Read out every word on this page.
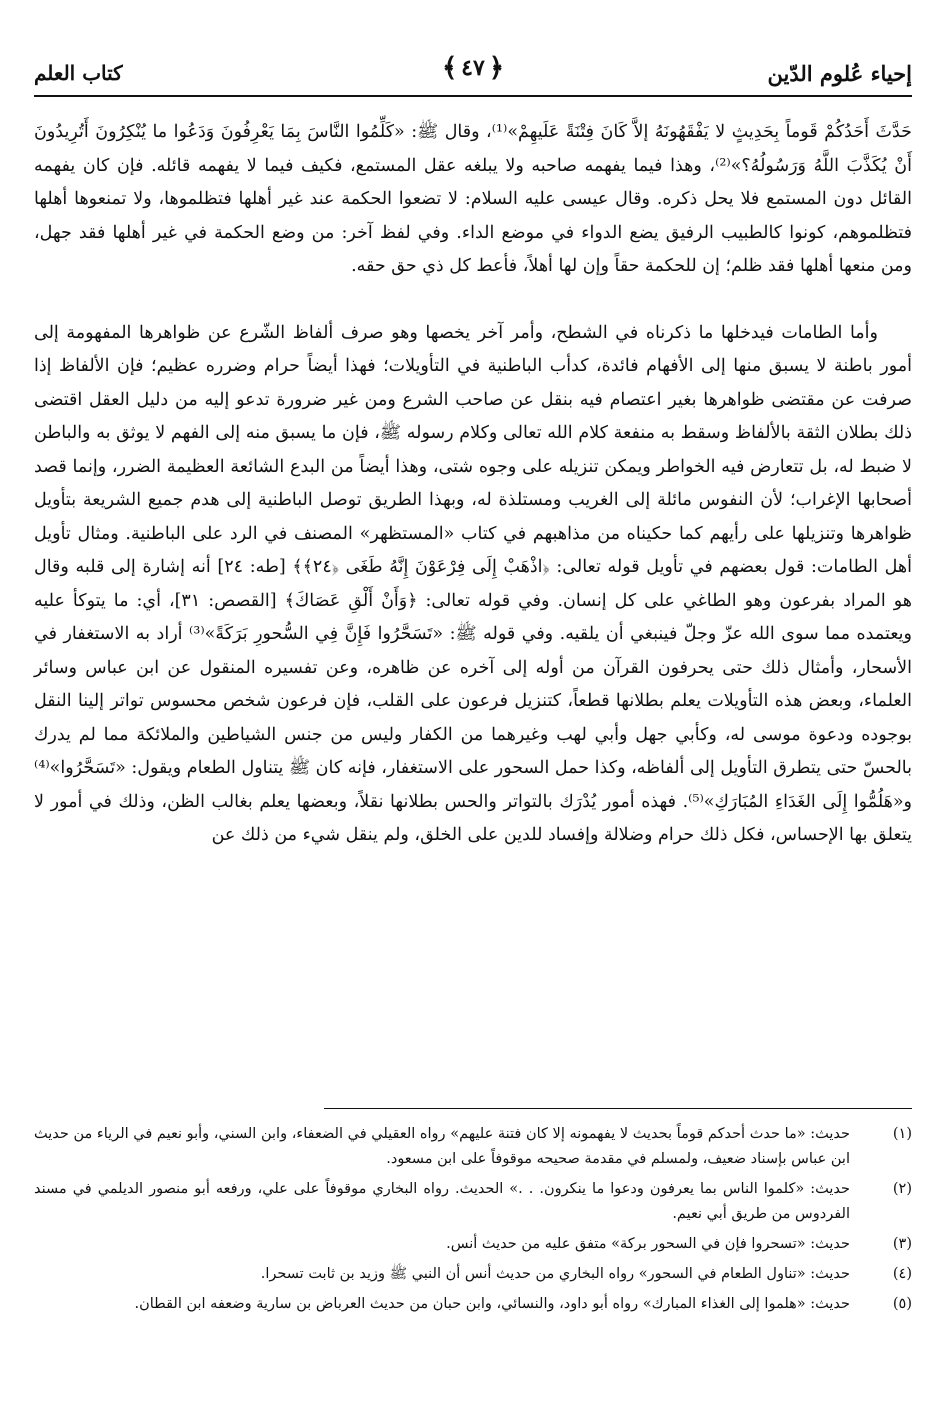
إحياء عُلوم الدّين
﴿
٤٧
﴾
كتاب العلم

حَدَّثَ أَحَدُكُمْ قَوماً بِحَدِيثٍ لا يَفْقَهُونَهُ إلاَّ كَانَ فِتْنَةً عَلَيهِمْ»⁽¹⁾، وقال ﷺ: «كَلِّمُوا النَّاسَ بِمَا يَعْرِفُونَ وَدَعُوا ما يُنْكِرُونَ أَتُرِيدُونَ أَنْ يُكَذَّبَ اللَّهُ وَرَسُولُهُ؟»⁽²⁾، وهذا فيما يفهمه صاحبه ولا يبلغه عقل المستمع، فكيف فيما لا يفهمه قائله. فإن كان يفهمه القائل دون المستمع فلا يحل ذكره. وقال عيسى عليه السلام: لا تضعوا الحكمة عند غير أهلها فتظلموها، ولا تمنعوها أهلها فتظلموهم، كونوا كالطبيب الرفيق يضع الدواء في موضع الداء. وفي لفظ آخر: من وضع الحكمة في غير أهلها فقد جهل، ومن منعها أهلها فقد ظلم؛ إن للحكمة حقاً وإن لها أهلاً، فأعط كل ذي حق حقه.

وأما الطامات فيدخلها ما ذكرناه في الشطح، وأمر آخر يخصها وهو صرف ألفاظ الشّرع عن ظواهرها المفهومة إلى أمور باطنة لا يسبق منها إلى الأفهام فائدة، كدأب الباطنية في التأويلات؛ فهذا أيضاً حرام وضرره عظيم؛ فإن الألفاظ إذا صرفت عن مقتضى ظواهرها بغير اعتصام فيه بنقل عن صاحب الشرع ومن غير ضرورة تدعو إليه من دليل العقل اقتضى ذلك بطلان الثقة بالألفاظ وسقط به منفعة كلام الله تعالى وكلام رسوله ﷺ، فإن ما يسبق منه إلى الفهم لا يوثق به والباطن لا ضبط له، بل تتعارض فيه الخواطر ويمكن تنزيله على وجوه شتى، وهذا أيضاً من البدع الشائعة العظيمة الضرر، وإنما قصد أصحابها الإغراب؛ لأن النفوس مائلة إلى الغريب ومستلذة له، وبهذا الطريق توصل الباطنية إلى هدم جميع الشريعة بتأويل ظواهرها وتنزيلها على رأيهم كما حكيناه من مذاهبهم في كتاب «المستظهر» المصنف في الرد على الباطنية. ومثال تأويل أهل الطامات: قول بعضهم في تأويل قوله تعالى: ﴿اذْهَبْ إِلَى فِرْعَوْنَ إِنَّهُ طَغَى ﴿٢٤﴾﴾ [طه: ٢٤] أنه إشارة إلى قلبه وقال هو المراد بفرعون وهو الطاغي على كل إنسان. وفي قوله تعالى: ﴿وَأَنْ أَلْقِ عَصَاكَ﴾ [القصص: ٣١]، أي: ما يتوكأ عليه ويعتمده مما سوى الله عزّ وجلّ فينبغي أن يلقيه. وفي قوله ﷺ: «تَسَحَّرُوا فَإِنَّ فِي السُّحورِ بَرَكَةً»⁽³⁾ أراد به الاستغفار في الأسحار، وأمثال ذلك حتى يحرفون القرآن من أوله إلى آخره عن ظاهره، وعن تفسيره المنقول عن ابن عباس وسائر العلماء، وبعض هذه التأويلات يعلم بطلانها قطعاً، كتنزيل فرعون على القلب، فإن فرعون شخص محسوس تواتر إلينا النقل بوجوده ودعوة موسى له، وكأبي جهل وأبي لهب وغيرهما من الكفار وليس من جنس الشياطين والملائكة مما لم يدرك بالحسّ حتى يتطرق التأويل إلى ألفاظه، وكذا حمل السحور على الاستغفار، فإنه كان ﷺ يتناول الطعام ويقول: «تَسَحَّرُوا»⁽⁴⁾ و«هَلُمُّوا إِلَى الغَدَاءِ المُبَارَكِ»⁽⁵⁾. فهذه أمور يُدْرَك بالتواتر والحس بطلانها نقلاً، وبعضها يعلم بغالب الظن، وذلك في أمور لا يتعلق بها الإحساس، فكل ذلك حرام وضلالة وإفساد للدين على الخلق، ولم ينقل شيء من ذلك عن

(١)
حديث: «ما حدث أحدكم قوماً بحديث لا يفهمونه إلا كان فتنة عليهم» رواه العقيلي في الضعفاء، وابن السني، وأبو نعيم في الرياء من حديث ابن عباس بإسناد ضعيف، ولمسلم في مقدمة صحيحه موقوفاً على ابن مسعود.
(٢)
حديث: «كلموا الناس بما يعرفون ودعوا ما ينكرون. . .» الحديث. رواه البخاري موقوفاً على علي، ورفعه أبو منصور الديلمي في مسند الفردوس من طريق أبي نعيم.
(٣)
حديث: «تسحروا فإن في السحور بركة» متفق عليه من حديث أنس.
(٤)
حديث: «تناول الطعام في السحور» رواه البخاري من حديث أنس أن النبي ﷺ وزيد بن ثابت تسحرا.
(٥)
حديث: «هلموا إلى الغذاء المبارك» رواه أبو داود، والنسائي، وابن حبان من حديث العرباض بن سارية وضعفه ابن القطان.
